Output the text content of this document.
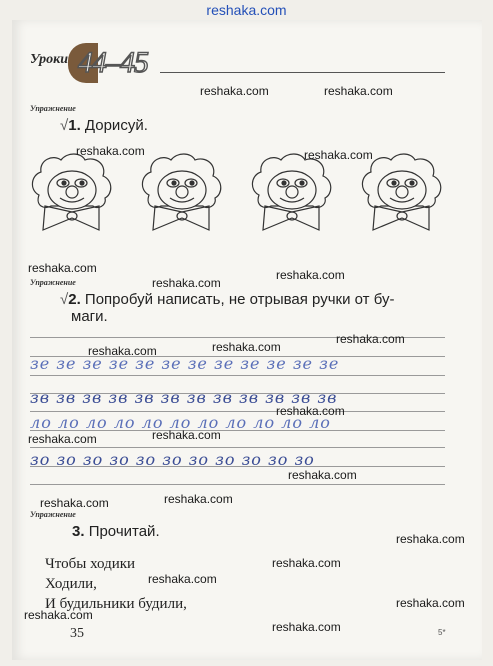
reshaka.com
Уроки 44–45
Упражнение
√1. Дорисуй.
Упражнение
√2. Попробуй написать, не отрывая ручки от бу-
маги.
зе зе зе зе зе зе зе зе зе зе зе зе
зв зв зв зв зв зв зв зв зв зв зв зв
ло ло ло ло ло ло ло ло ло ло ло
зо зо зо зо зо зо зо зо зо зо зо
Упражнение
3. Прочитай.
Чтобы ходики
Ходили,
И будильники будили,
35	5*
reshaka.com	reshaka.com
reshaka.com	reshaka.com
reshaka.com	reshaka.com
reshaka.com
reshaka.com
reshaka.com	reshaka.com
reshaka.com
reshaka.com	reshaka.com
reshaka.com
reshaka.com
reshaka.com
reshaka.com
reshaka.com
reshaka.com
reshaka.com
reshaka.com
reshaka.com
